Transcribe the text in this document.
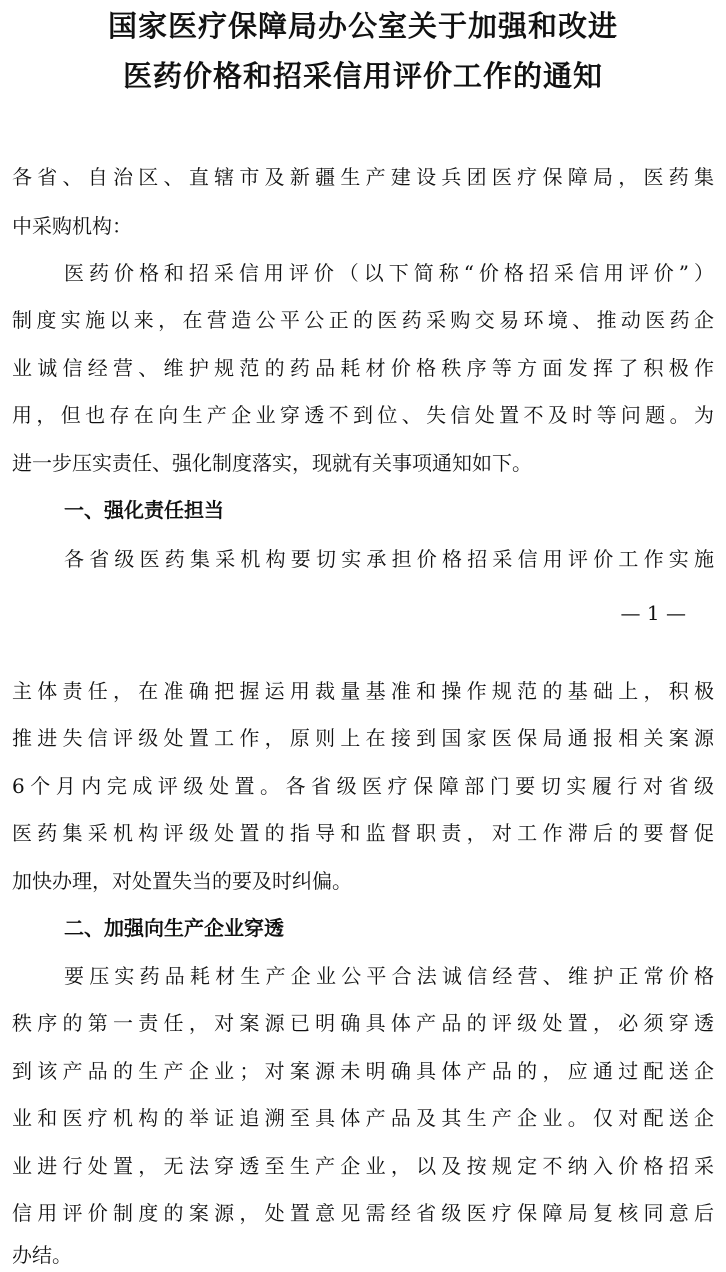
国家医疗保障局办公室关于加强和改进
医药价格和招采信用评价工作的通知
各省、自治区、直辖市及新疆生产建设兵团医疗保障局，医药集
中采购机构：
医药价格和招采信用评价（以下简称“价格招采信用评价”）
制度实施以来，在营造公平公正的医药采购交易环境、推动医药企
业诚信经营、维护规范的药品耗材价格秩序等方面发挥了积极作
用，但也存在向生产企业穿透不到位、失信处置不及时等问题。为
进一步压实责任、强化制度落实，现就有关事项通知如下。
一、强化责任担当
各省级医药集采机构要切实承担价格招采信用评价工作实施
— 1 —
主体责任，在准确把握运用裁量基准和操作规范的基础上，积极
推进失信评级处置工作，原则上在接到国家医保局通报相关案源
6个月内完成评级处置。各省级医疗保障部门要切实履行对省级
医药集采机构评级处置的指导和监督职责，对工作滞后的要督促
加快办理，对处置失当的要及时纠偏。
二、加强向生产企业穿透
要压实药品耗材生产企业公平合法诚信经营、维护正常价格
秩序的第一责任，对案源已明确具体产品的评级处置，必须穿透
到该产品的生产企业；对案源未明确具体产品的，应通过配送企
业和医疗机构的举证追溯至具体产品及其生产企业。仅对配送企
业进行处置，无法穿透至生产企业，以及按规定不纳入价格招采
信用评价制度的案源，处置意见需经省级医疗保障局复核同意后
办结。
